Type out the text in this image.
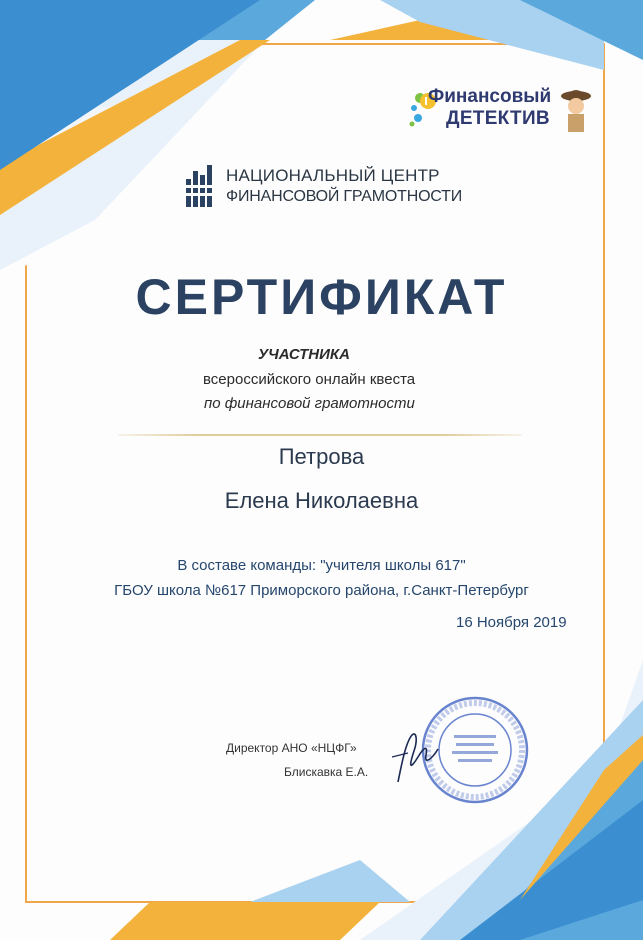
Финансовый
ДЕТЕКТИВ
НАЦИОНАЛЬНЫЙ ЦЕНТР
ФИНАНСОВОЙ ГРАМОТНОСТИ
СЕРТИФИКАТ
УЧАСТНИКА
всероссийского онлайн квеста
по финансовой грамотности
Петрова
Елена Николаевна
В составе команды: "учителя школы 617"
ГБОУ школа №617 Приморского района, г.Санкт-Петербург
16 Ноября 2019
Директор АНО «НЦФГ»
Блискавка Е.А.
